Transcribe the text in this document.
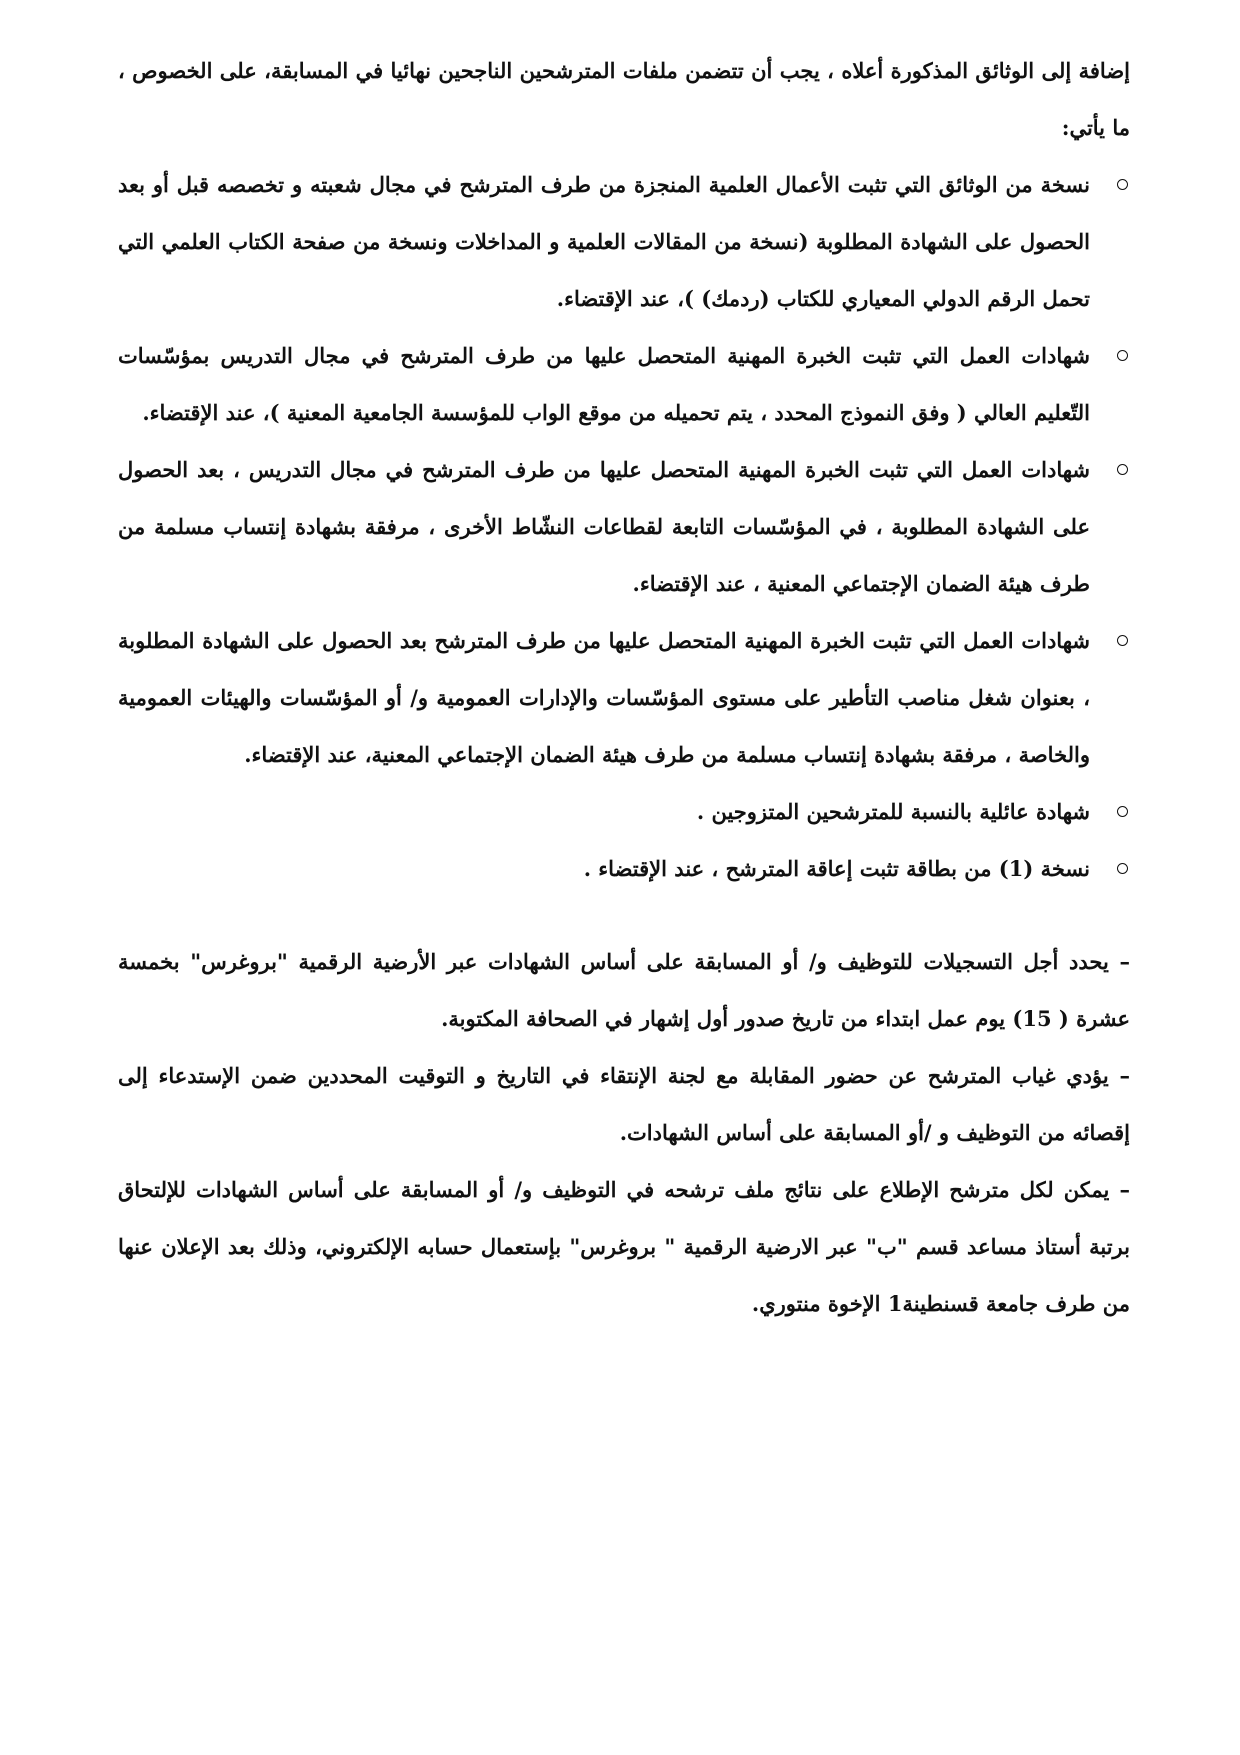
إضافة إلى الوثائق المذكورة أعلاه ، يجب أن تتضمن ملفات المترشحين الناجحين نهائيا في المسابقة، على الخصوص ، ما يأتي:

نسخة من الوثائق التي تثبت الأعمال العلمية المنجزة من طرف المترشح في مجال شعبته و تخصصه قبل أو بعد الحصول على الشهادة المطلوبة (نسخة من المقالات العلمية و المداخلات ونسخة من صفحة الكتاب العلمي التي تحمل الرقم الدولي المعياري للكتاب (ردمك) )، عند الإقتضاء.
شهادات العمل التي تثبت الخبرة المهنية المتحصل عليها من طرف المترشح في مجال التدريس بمؤسّسات التّعليم العالي ( وفق النموذج المحدد ، يتم تحميله من موقع الواب للمؤسسة الجامعية المعنية )، عند الإقتضاء.
شهادات العمل التي تثبت الخبرة المهنية المتحصل عليها من طرف المترشح في مجال التدريس ، بعد الحصول على الشهادة المطلوبة ، في المؤسّسات التابعة لقطاعات النشّاط الأخرى ، مرفقة بشهادة إنتساب مسلمة من طرف هيئة الضمان الإجتماعي المعنية ، عند الإقتضاء.
شهادات العمل التي تثبت الخبرة المهنية المتحصل عليها من طرف المترشح بعد الحصول على الشهادة المطلوبة ، بعنوان شغل مناصب التأطير على مستوى المؤسّسات والإدارات العمومية و/ أو المؤسّسات والهيئات العمومية والخاصة ، مرفقة بشهادة إنتساب مسلمة من طرف هيئة الضمان الإجتماعي المعنية، عند الإقتضاء.
شهادة عائلية بالنسبة للمترشحين المتزوجين .
نسخة (1) من بطاقة تثبت إعاقة المترشح ، عند الإقتضاء .

– يحدد أجل التسجيلات للتوظيف و/ أو المسابقة على أساس الشهادات عبر الأرضية الرقمية "بروغرس" بخمسة عشرة ( 15) يوم عمل ابتداء من تاريخ صدور أول إشهار في الصحافة المكتوبة.

– يؤدي غياب المترشح عن حضور المقابلة مع لجنة الإنتقاء في التاريخ و التوقيت المحددين ضمن الإستدعاء إلى إقصائه من التوظيف و /أو المسابقة على أساس الشهادات.

– يمكن لكل مترشح الإطلاع على نتائج ملف ترشحه في التوظيف و/ أو المسابقة على أساس الشهادات للإلتحاق برتبة أستاذ مساعد قسم "ب" عبر الارضية الرقمية " بروغرس" بإستعمال حسابه الإلكتروني، وذلك بعد الإعلان عنها من طرف جامعة قسنطينة1 الإخوة منتوري.
